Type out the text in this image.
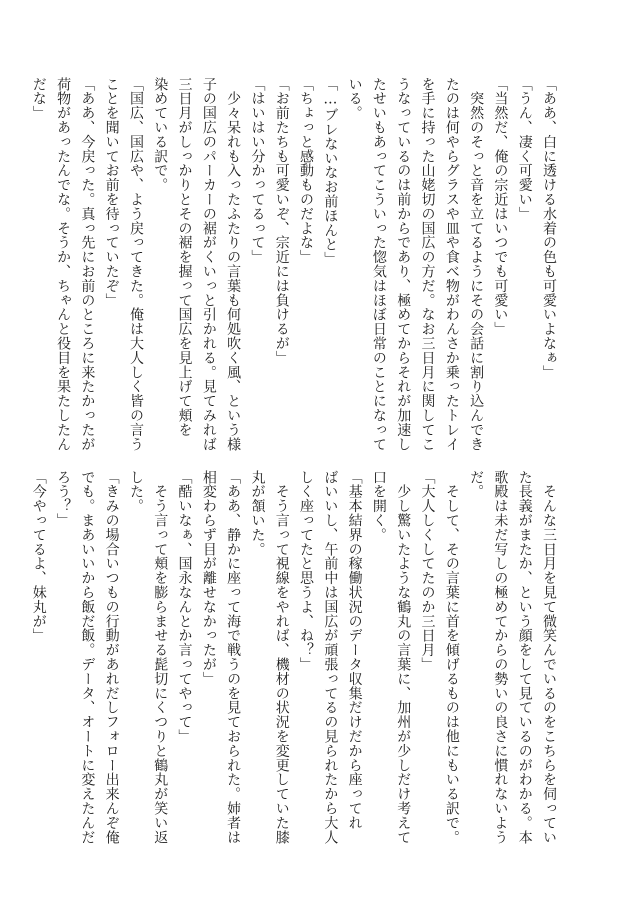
「ああ、白に透ける水着の色も可愛いよなぁ」
「うん、凄く可愛い」
「当然だ、俺の宗近はいつでも可愛い」
　突然のそっと音を立てるようにその会話に割り込んでき
たのは何やらグラスや皿や食べ物がわんさか乗ったトレイ
を手に持った山姥切の国広の方だ。なお三日月に関してこ
うなっているのは前からであり、極めてからそれが加速し
たせいもあってこういった惚気はほぼ日常のことになって
いる。
「…ブレないなお前ほんと」
「ちょっと感動ものだよな」
「お前たちも可愛いぞ、宗近には負けるが」
「はいはい分かってるって」
　少々呆れも入ったふたりの言葉も何処吹く風、という様
子の国広のパーカーの裾がくいっと引かれる。見てみれば
三日月がしっかりとその裾を握って国広を見上げて頬を
染めている訳で。
「国広、国広や、よう戻ってきた。俺は大人しく皆の言う
ことを聞いてお前を待っていたぞ」
「ああ、今戻った。真っ先にお前のところに来たかったが
荷物があったんでな。そうか、ちゃんと役目を果たしたん
だな」
　そんな三日月を見て微笑んでいるのをこちらを伺ってい
た長義がまたか、という顔をして見ているのがわかる。本
歌殿は未だ写しの極めてからの勢いの良さに慣れないよう
だ。
　そして、その言葉に首を傾げるものは他にもいる訳で。
「大人しくしてたのか三日月」
　少し驚いたような鶴丸の言葉に、加州が少しだけ考えて
口を開く。
「基本結界の稼働状況のデータ収集だけだから座ってれ
ばいいし、午前中は国広が頑張ってるの見られたから大人
しく座ってたと思うよ、ね？」
　そう言って視線をやれば、機材の状況を変更していた膝
丸が頷いた。
「ああ、静かに座って海で戦うのを見ておられた。姉者は
相変わらず目が離せなかったが」
「酷いなぁ、国永なんとか言ってやって」
　そう言って頬を膨らませる髭切にくつりと鶴丸が笑い返
した。
「きみの場合いつもの行動があれだしフォロー出来んぞ俺
でも。まあいいから飯だ飯。データ、オートに変えたんだ
ろう？」
「今やってるよ、妹丸が」
